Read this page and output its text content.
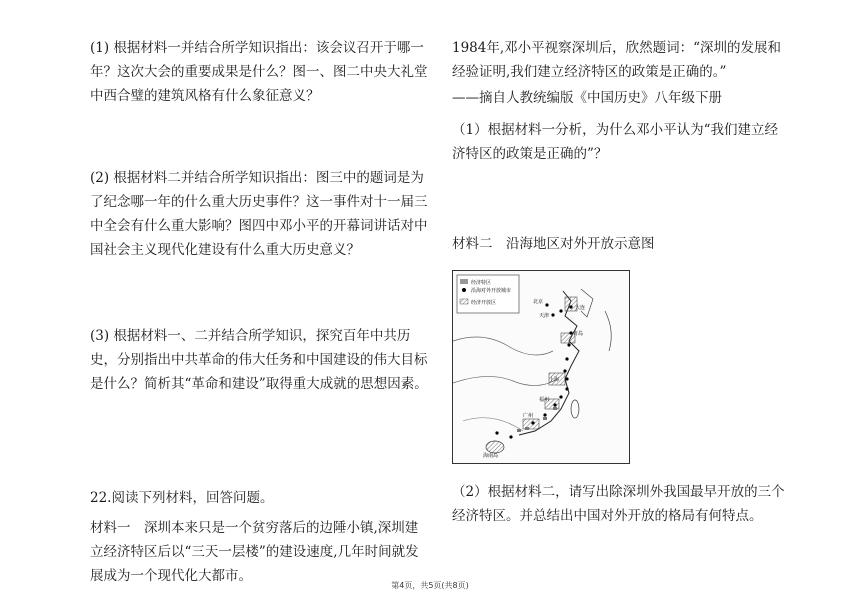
(1) 根据材料一并结合所学知识指出：该会议召开于哪一年？这次大会的重要成果是什么？图一、图二中央大礼堂中西合璧的建筑风格有什么象征意义？

(2) 根据材料二并结合所学知识指出：图三中的题词是为了纪念哪一年的什么重大历史事件？这一事件对十一届三中全会有什么重大影响？图四中邓小平的开幕词讲话对中国社会主义现代化建设有什么重大历史意义？

(3) 根据材料一、二并结合所学知识，探究百年中共历史，分别指出中共革命的伟大任务和中国建设的伟大目标是什么？简析其“革命和建设”取得重大成就的思想因素。

22.阅读下列材料，回答问题。

材料一　深圳本来只是一个贫穷落后的边陲小镇,深圳建立经济特区后以“三天一层楼”的建设速度,几年时间就发展成为一个现代化大都市。

1984年,邓小平视察深圳后，欣然题词：“深圳的发展和经验证明,我们建立经济特区的政策是正确的。”

——摘自人教统编版《中国历史》八年级下册

（1）根据材料一分析，为什么邓小平认为“我们建立经济特区的政策是正确的”？

材料二　沿海地区对外开放示意图

经济特区
沿海对外开放城市
经济开放区	北京
天津
大连
青岛
上海
福州
广州
海南岛

（2）根据材料二，请写出除深圳外我国最早开放的三个经济特区。并总结出中国对外开放的格局有何特点。

第4页，共5页(共8页)
